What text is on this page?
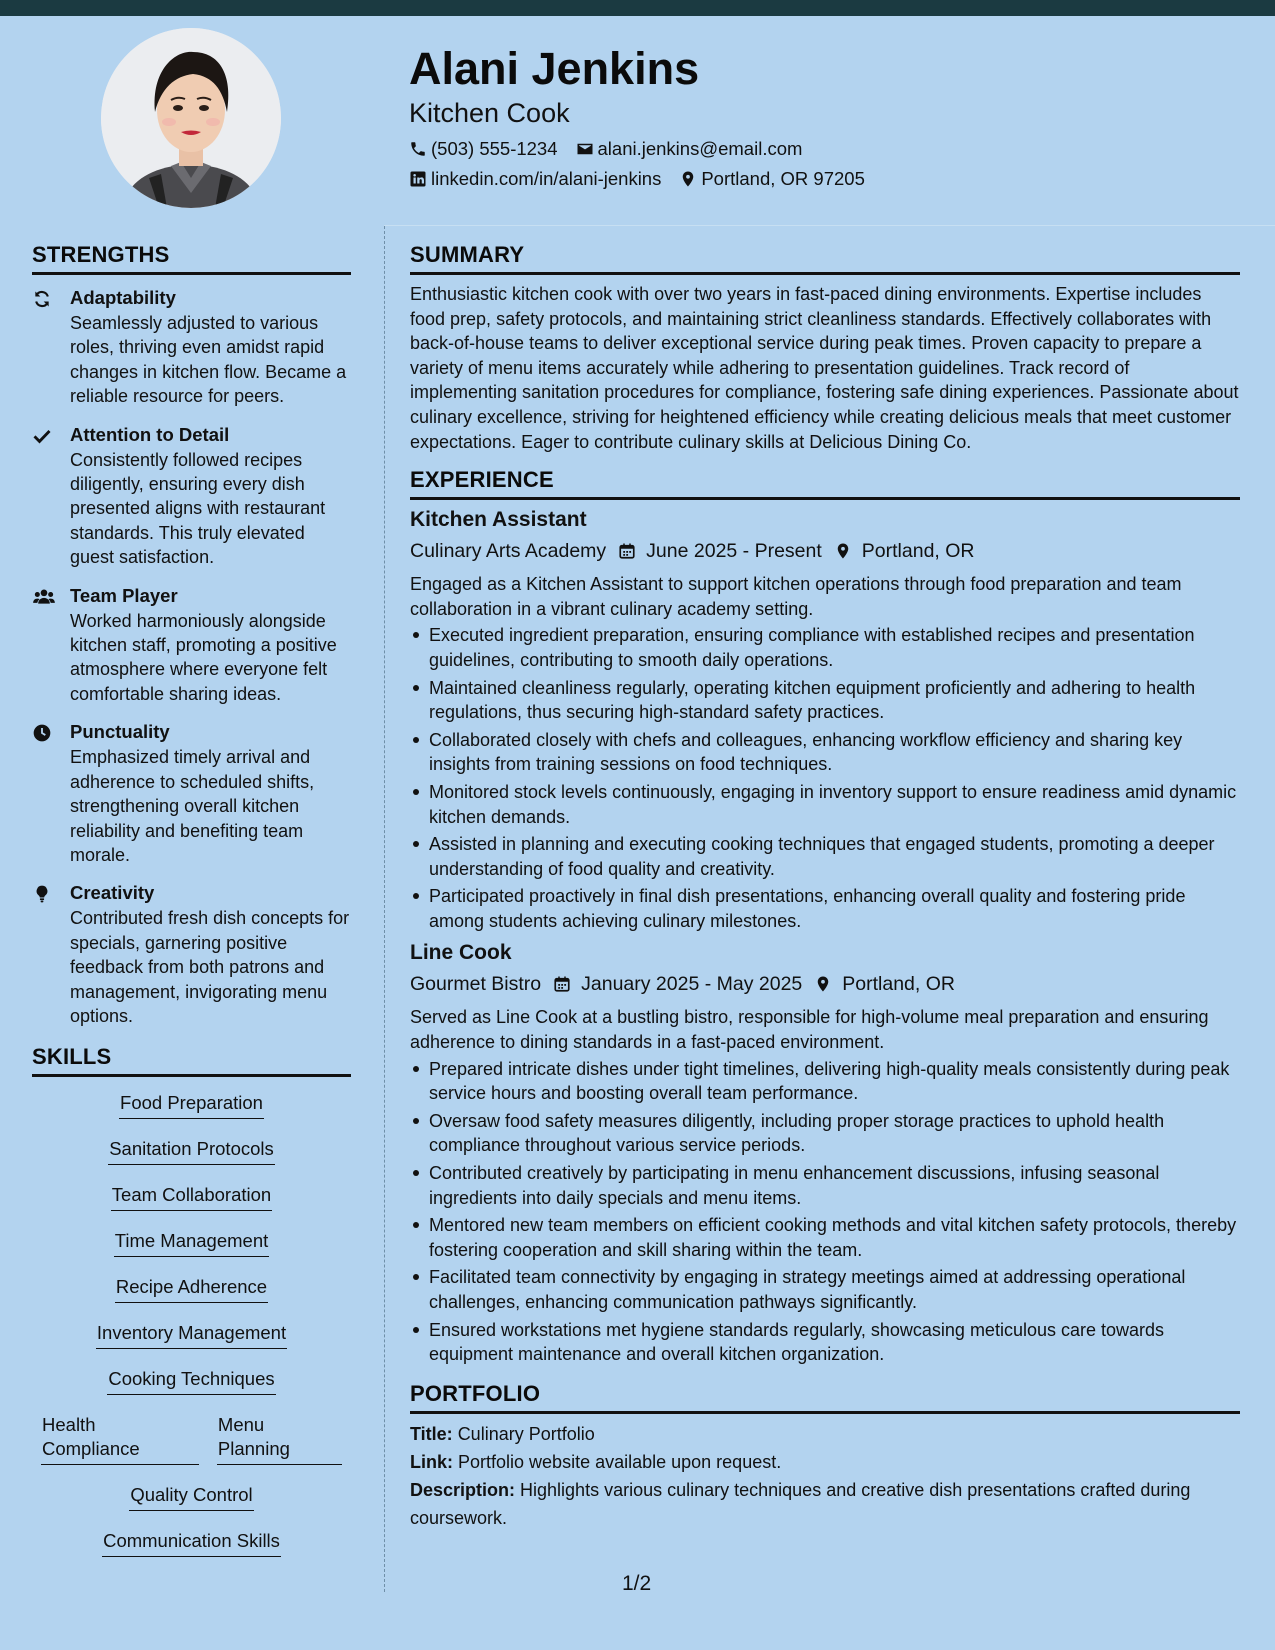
Alani Jenkins
Kitchen Cook
(503) 555-1234 alani.jenkins@email.com
linkedin.com/in/alani-jenkins Portland, OR 97205
STRENGTHS
Adaptability
Seamlessly adjusted to various roles, thriving even amidst rapid changes in kitchen flow. Became a reliable resource for peers.
Attention to Detail
Consistently followed recipes diligently, ensuring every dish presented aligns with restaurant standards. This truly elevated guest satisfaction.
Team Player
Worked harmoniously alongside kitchen staff, promoting a positive atmosphere where everyone felt comfortable sharing ideas.
Punctuality
Emphasized timely arrival and adherence to scheduled shifts, strengthening overall kitchen reliability and benefiting team morale.
Creativity
Contributed fresh dish concepts for specials, garnering positive feedback from both patrons and management, invigorating menu options.
SKILLS
Food Preparation
Sanitation Protocols
Team Collaboration
Time Management
Recipe Adherence
Inventory Management
Cooking Techniques
Health Compliance
Menu Planning
Quality Control
Communication Skills
SUMMARY

Enthusiastic kitchen cook with over two years in fast-paced dining environments. Expertise includes food prep, safety protocols, and maintaining strict cleanliness standards. Effectively collaborates with back-of-house teams to deliver exceptional service during peak times. Proven capacity to prepare a variety of menu items accurately while adhering to presentation guidelines. Track record of implementing sanitation procedures for compliance, fostering safe dining experiences. Passionate about culinary excellence, striving for heightened efficiency while creating delicious meals that meet customer expectations. Eager to contribute culinary skills at Delicious Dining Co.

EXPERIENCE
Kitchen Assistant
Culinary Arts Academy June 2025 - Present Portland, OR

Engaged as a Kitchen Assistant to support kitchen operations through food preparation and team collaboration in a vibrant culinary academy setting.

Executed ingredient preparation, ensuring compliance with established recipes and presentation guidelines, contributing to smooth daily operations.
Maintained cleanliness regularly, operating kitchen equipment proficiently and adhering to health regulations, thus securing high-standard safety practices.
Collaborated closely with chefs and colleagues, enhancing workflow efficiency and sharing key insights from training sessions on food techniques.
Monitored stock levels continuously, engaging in inventory support to ensure readiness amid dynamic kitchen demands.
Assisted in planning and executing cooking techniques that engaged students, promoting a deeper understanding of food quality and creativity.
Participated proactively in final dish presentations, enhancing overall quality and fostering pride among students achieving culinary milestones.
Line Cook
Gourmet Bistro January 2025 - May 2025 Portland, OR

Served as Line Cook at a bustling bistro, responsible for high-volume meal preparation and ensuring adherence to dining standards in a fast-paced environment.

Prepared intricate dishes under tight timelines, delivering high-quality meals consistently during peak service hours and boosting overall team performance.
Oversaw food safety measures diligently, including proper storage practices to uphold health compliance throughout various service periods.
Contributed creatively by participating in menu enhancement discussions, infusing seasonal ingredients into daily specials and menu items.
Mentored new team members on efficient cooking methods and vital kitchen safety protocols, thereby fostering cooperation and skill sharing within the team.
Facilitated team connectivity by engaging in strategy meetings aimed at addressing operational challenges, enhancing communication pathways significantly.
Ensured workstations met hygiene standards regularly, showcasing meticulous care towards equipment maintenance and overall kitchen organization.
PORTFOLIO
Title: Culinary Portfolio
Link: Portfolio website available upon request.
Description: Highlights various culinary techniques and creative dish presentations crafted during coursework.
1/2
